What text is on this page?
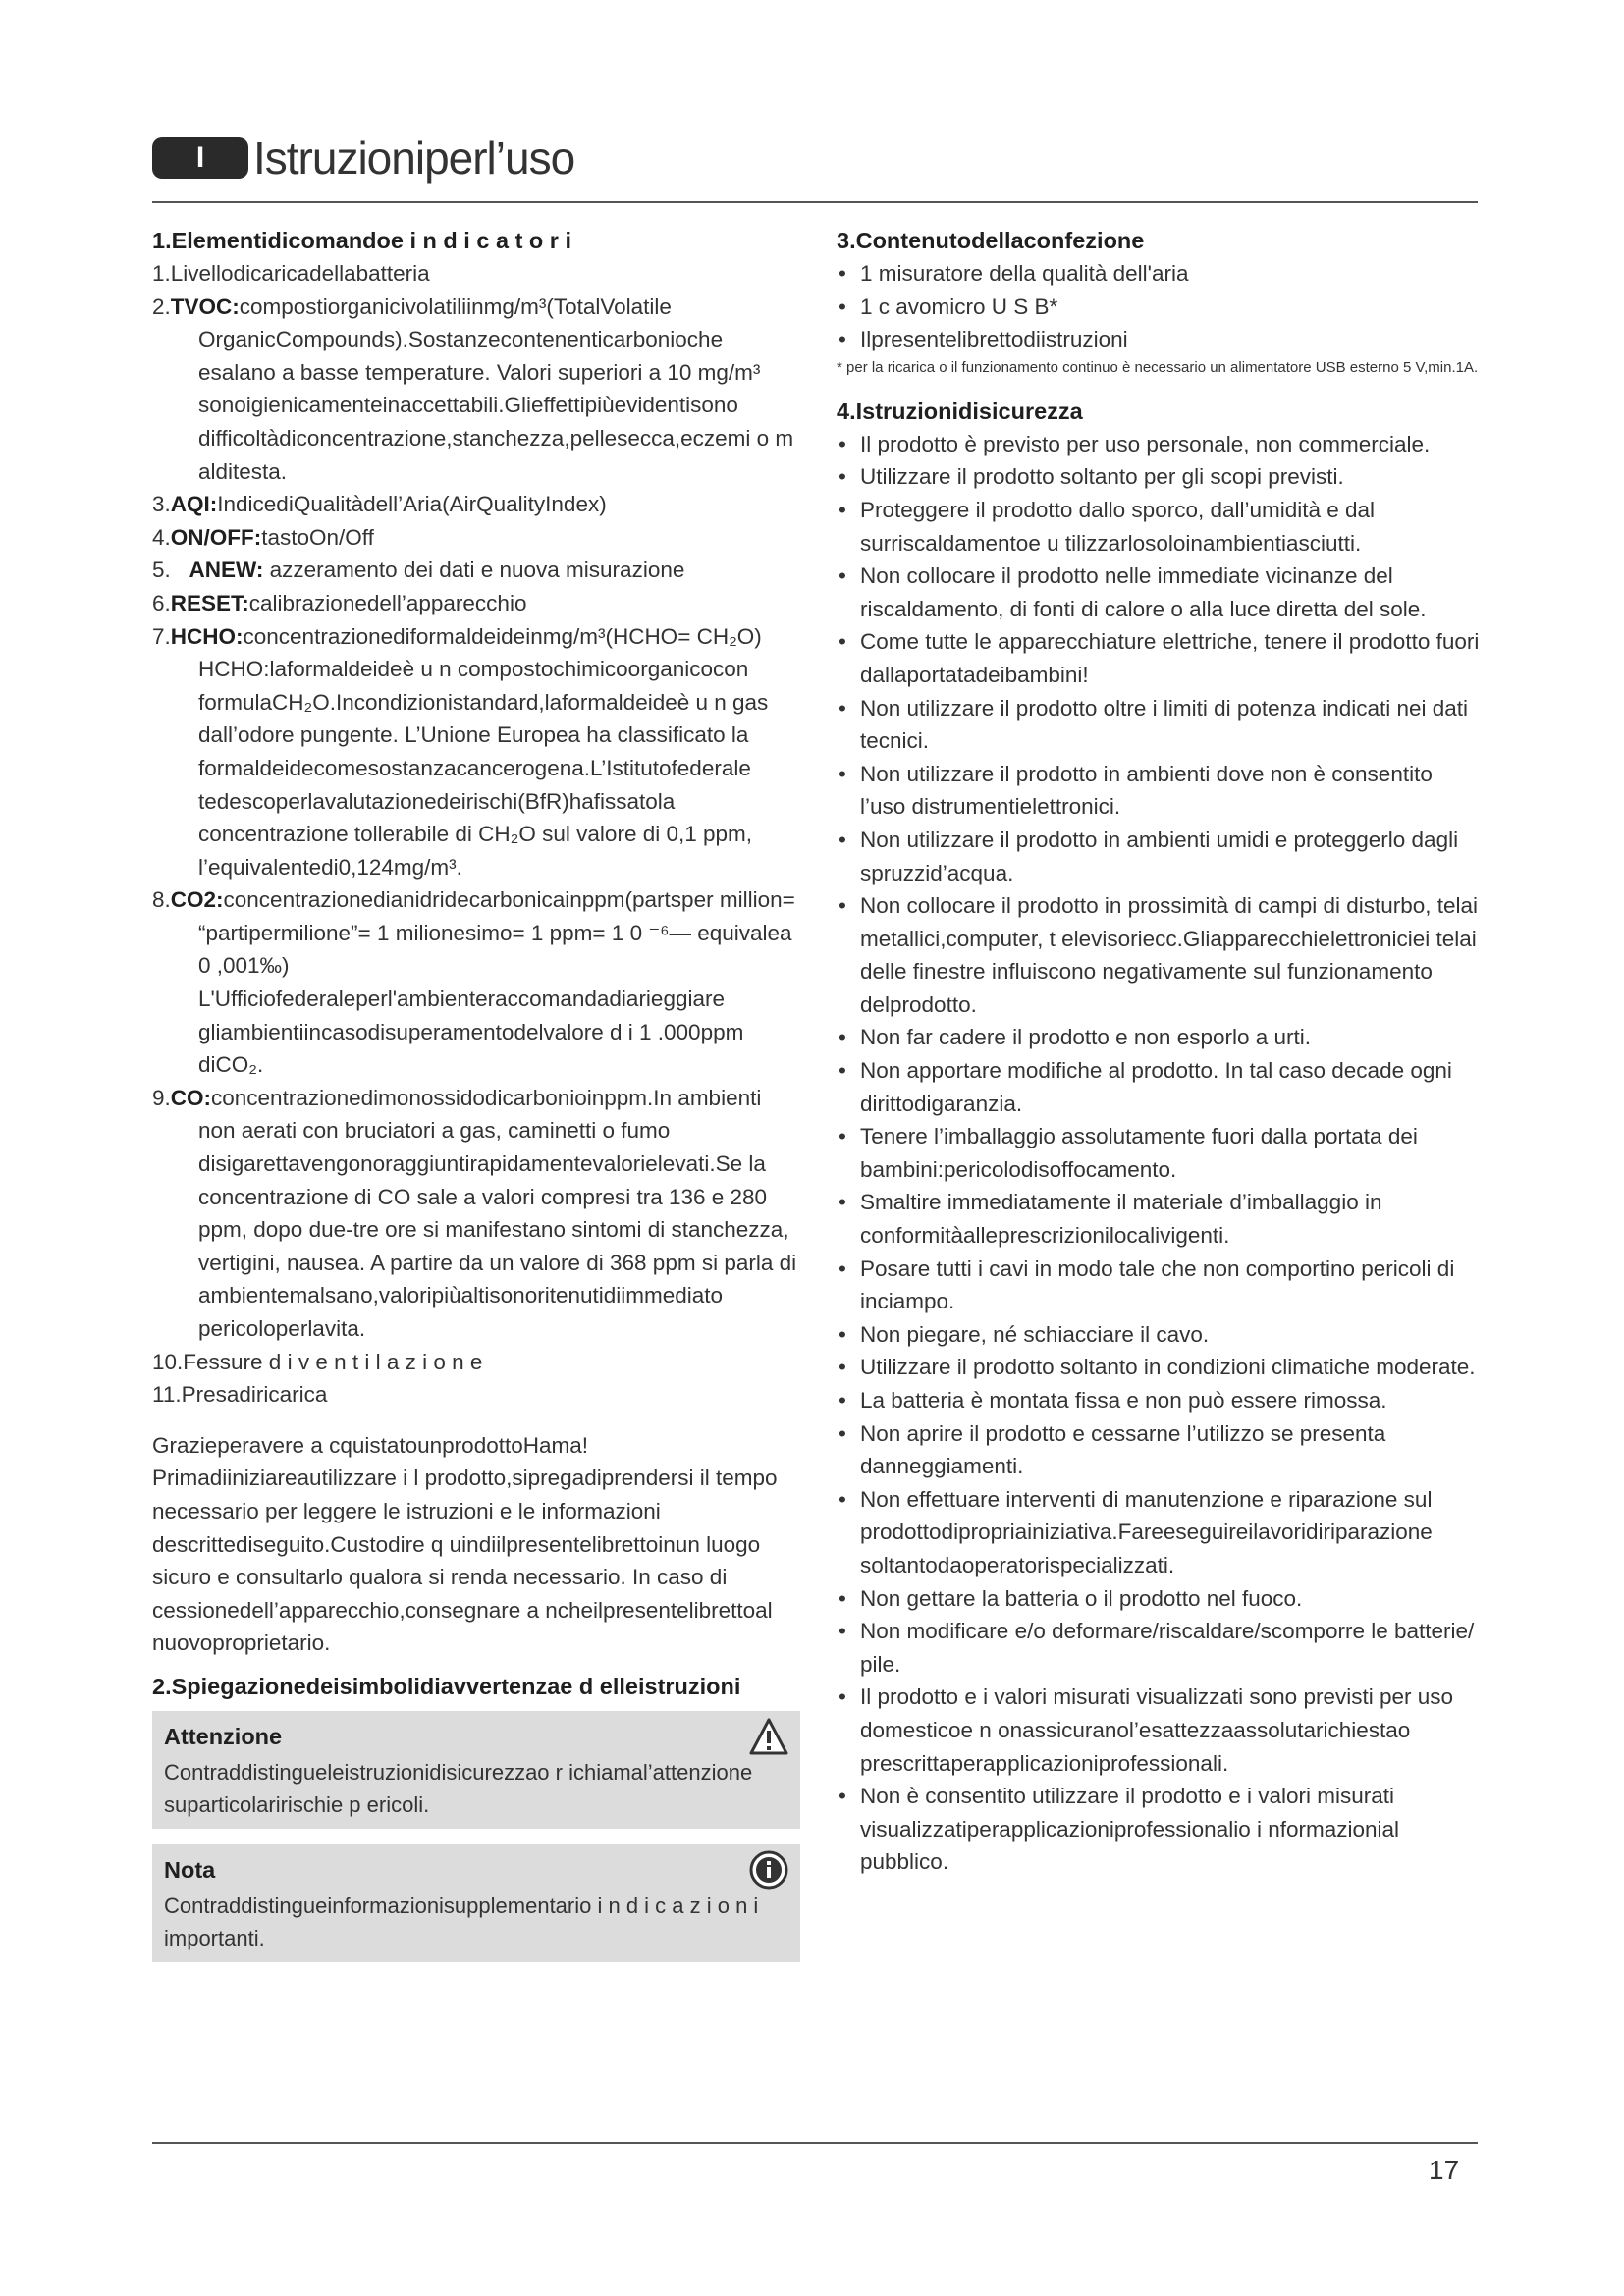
I	Istruzioniperl’uso
1.Elementidicomandoe i n d i c a t o r i

1.Livellodicaricadellabatteria

2.TVOC:compostiorganicivolatiliinmg/m³(TotalVolatile OrganicCompounds).Sostanzecontenenticarbonioche esalano a basse temperature. Valori superiori a 10 mg/m³ sonoigienicamenteinaccettabili.Glieffettipiùevidentisono difficoltàdiconcentrazione,stanchezza,pellesecca,eczemi o m alditesta.

3.AQI:IndicediQualitàdell’Aria(AirQualityIndex)

4.ON/OFF:tastoOn/Off

5.   ANEW: azzeramento dei dati e nuova misurazione

6.RESET:calibrazionedell’apparecchio

7.HCHO:concentrazionediformaldeideinmg/m³(HCHO= CH₂O)

HCHO:laformaldeideè u n compostochimicoorganicocon formulaCH₂O.Incondizionistandard,laformaldeideè u n gas dall’odore pungente. L’Unione Europea ha classificato la formaldeidecomesostanzacancerogena.L’Istitutofederale tedescoperlavalutazionedeirischi(BfR)hafissatola concentrazione tollerabile di CH₂O sul valore di 0,1 ppm, l’equivalentedi0,124mg/m³.

8.CO2:concentrazionedianidridecarbonicainppm(partsper million=

“partipermilione”= 1 milionesimo= 1 ppm= 1 0 ⁻⁶— equivalea 0 ,001‰)

L'Ufficiofederaleperl'ambienteraccomandadiarieggiare gliambientiincasodisuperamentodelvalore d i 1 .000ppm diCO₂.

9.CO:concentrazionedimonossidodicarbonioinppm.In ambienti non aerati con bruciatori a gas, caminetti o fumo disigarettavengonoraggiuntirapidamentevalorielevati.Se la concentrazione di CO sale a valori compresi tra 136 e 280 ppm, dopo due-tre ore si manifestano sintomi di stanchezza, vertigini, nausea. A partire da un valore di 368 ppm si parla di ambientemalsano,valoripiùaltisonoritenutidiimmediato pericoloperlavita.

10.Fessure d i v e n t i l a z i o n e

11.Presadiricarica

Grazieperavere a cquistatounprodottoHama! Primadiiniziareautilizzare i l prodotto,sipregadiprendersi il tempo necessario per leggere le istruzioni e le informazioni descrittediseguito.Custodire q uindiilpresentelibrettoinun luogo sicuro e consultarlo qualora si renda necessario. In caso di cessionedell’apparecchio,consegnare a ncheilpresentelibrettoal nuovoproprietario.

2.Spiegazionedeisimbolidiavvertenzae d elleistruzioni
Attenzione
Contraddistingueleistruzionidisicurezzao r ichiamal’attenzione suparticolaririschie p ericoli.
Nota
Contraddistingueinformazionisupplementario i n d i c a z i o n i importanti.
3.Contenutodellaconfezione

• 1 misuratore della qualità dell'aria

• 1 c avomicro U S B*

• Ilpresentelibrettodiistruzioni

* per la ricarica o il funzionamento continuo è necessario un alimentatore USB esterno 5 V,min.1A.
4.Istruzionidisicurezza

• Il prodotto è previsto per uso personale, non commerciale.

• Utilizzare il prodotto soltanto per gli scopi previsti.

• Proteggere il prodotto dallo sporco, dall’umidità e dal surriscaldamentoe u tilizzarlosoloinambientiasciutti.

• Non collocare il prodotto nelle immediate vicinanze del riscaldamento, di fonti di calore o alla luce diretta del sole.

• Come tutte le apparecchiature elettriche, tenere il prodotto fuori dallaportatadeibambini!

• Non utilizzare il prodotto oltre i limiti di potenza indicati nei dati tecnici.

• Non utilizzare il prodotto in ambienti dove non è consentito l’uso distrumentielettronici.

• Non utilizzare il prodotto in ambienti umidi e proteggerlo dagli spruzzid’acqua.

• Non collocare il prodotto in prossimità di campi di disturbo, telai metallici,computer, t elevisoriecc.Gliapparecchielettroniciei telai delle finestre influiscono negativamente sul funzionamento delprodotto.

• Non far cadere il prodotto e non esporlo a urti.

• Non apportare modifiche al prodotto. In tal caso decade ogni dirittodigaranzia.

• Tenere l’imballaggio assolutamente fuori dalla portata dei bambini:pericolodisoffocamento.

• Smaltire immediatamente il materiale d’imballaggio in conformitàalleprescrizionilocalivigenti.

• Posare tutti i cavi in modo tale che non comportino pericoli di inciampo.

• Non piegare, né schiacciare il cavo.

• Utilizzare il prodotto soltanto in condizioni climatiche moderate.

• La batteria è montata fissa e non può essere rimossa.

• Non aprire il prodotto e cessarne l’utilizzo se presenta danneggiamenti.

• Non effettuare interventi di manutenzione e riparazione sul prodottodipropriainiziativa.Fareeseguireilavoridiriparazione soltantodaoperatorispecializzati.

• Non gettare la batteria o il prodotto nel fuoco.

• Non modificare e/o deformare/riscaldare/scomporre le batterie/ pile.

• Il prodotto e i valori misurati visualizzati sono previsti per uso domesticoe n onassicuranol’esattezzaassolutarichiestao prescrittaperapplicazioniprofessionali.

• Non è consentito utilizzare il prodotto e i valori misurati visualizzatiperapplicazioniprofessionalio i nformazionial pubblico.

17
